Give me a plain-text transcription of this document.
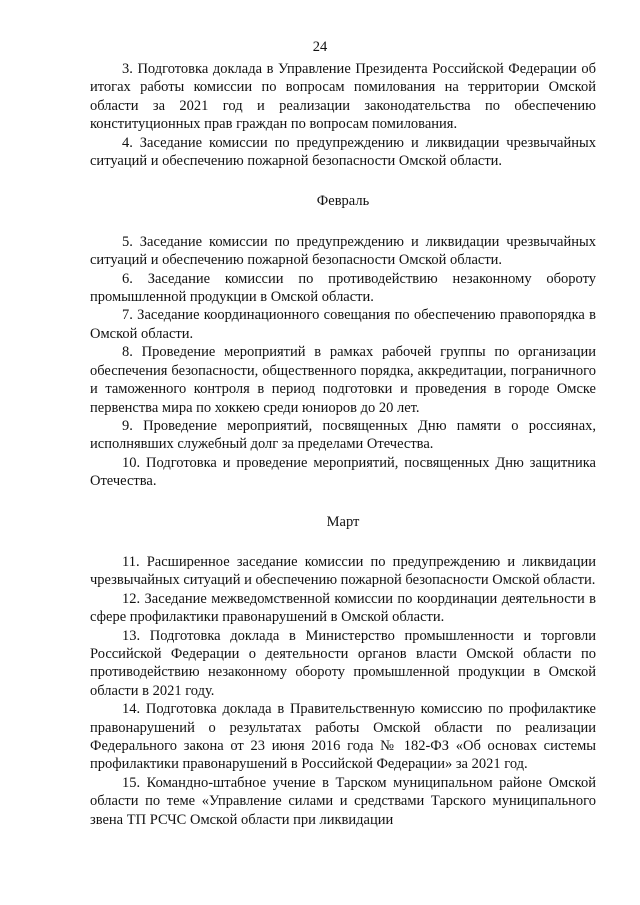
24

3. Подготовка доклада в Управление Президента Российской Федерации об итогах работы комиссии по вопросам помилования на территории Омской области за 2021 год и реализации законодательства по обеспечению конституционных прав граждан по вопросам помилования.

4. Заседание комиссии по предупреждению и ликвидации чрезвычайных ситуаций и обеспечению пожарной безопасности Омской области.

Февраль

5. Заседание комиссии по предупреждению и ликвидации чрезвычайных ситуаций и обеспечению пожарной безопасности Омской области.

6. Заседание комиссии по противодействию незаконному обороту промышленной продукции в Омской области.

7. Заседание координационного совещания по обеспечению правопорядка в Омской области.

8. Проведение мероприятий в рамках рабочей группы по организации обеспечения безопасности, общественного порядка, аккредитации, пограничного и таможенного контроля в период подготовки и проведения в городе Омске первенства мира по хоккею среди юниоров до 20 лет.

9. Проведение мероприятий, посвященных Дню памяти о россиянах, исполнявших служебный долг за пределами Отечества.

10. Подготовка и проведение мероприятий, посвященных Дню защитника Отечества.

Март

11. Расширенное заседание комиссии по предупреждению и ликвидации чрезвычайных ситуаций и обеспечению пожарной безопасности Омской области.

12. Заседание межведомственной комиссии по координации деятельности в сфере профилактики правонарушений в Омской области.

13. Подготовка доклада в Министерство промышленности и торговли Российской Федерации о деятельности органов власти Омской области по противодействию незаконному обороту промышленной продукции в Омской области в 2021 году.

14. Подготовка доклада в Правительственную комиссию по профилактике правонарушений о результатах работы Омской области по реализации Федерального закона от 23 июня 2016 года № 182-ФЗ «Об основах системы профилактики правонарушений в Российской Федерации» за 2021 год.

15. Командно-штабное учение в Тарском муниципальном районе Омской области по теме «Управление силами и средствами Тарского муниципального звена ТП РСЧС Омской области при ликвидации
